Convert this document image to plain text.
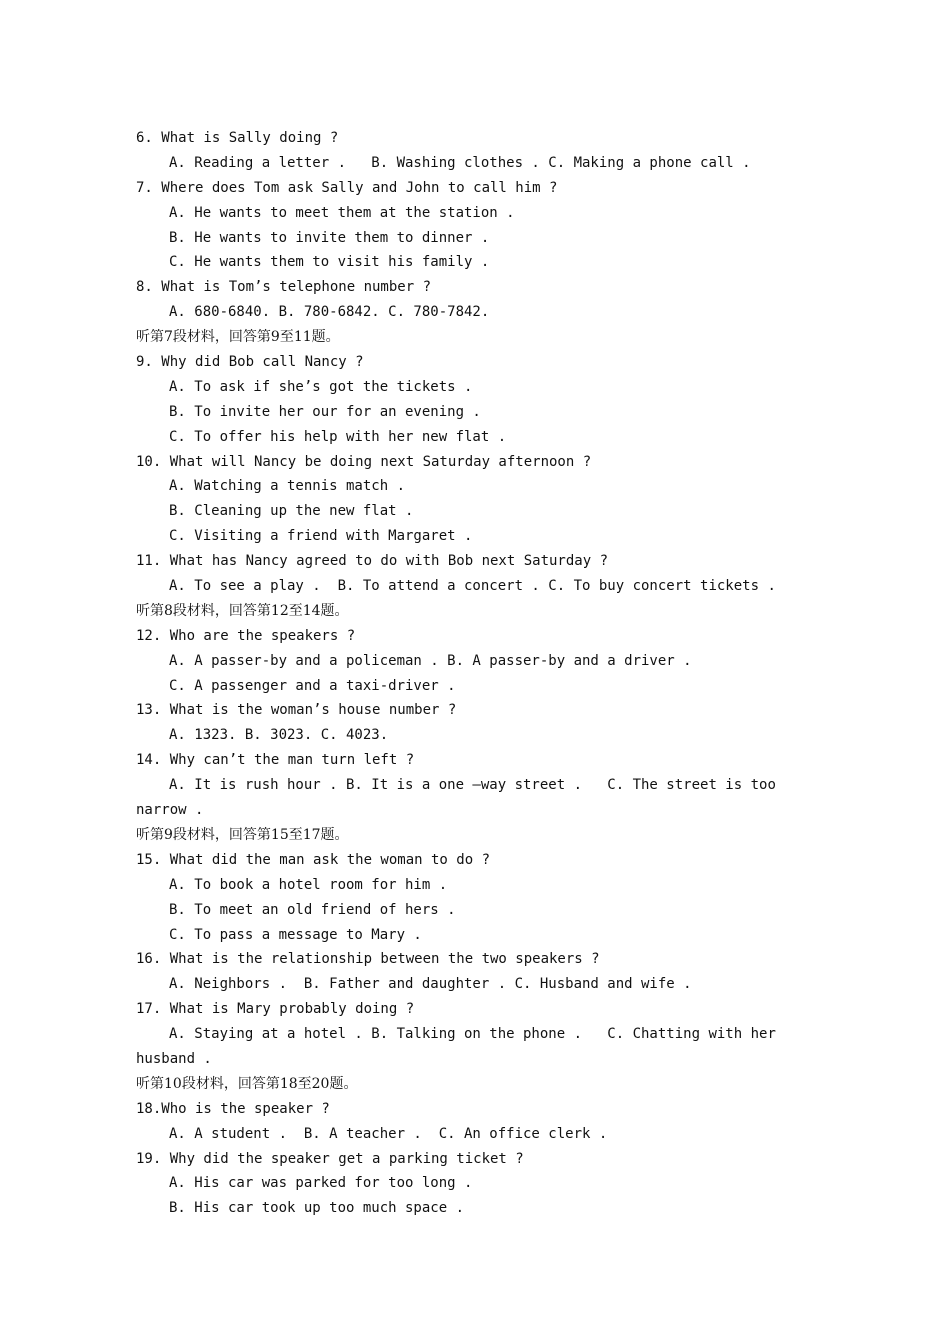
6. What is Sally doing ?
A. Reading a letter .   B. Washing clothes . C. Making a phone call .
7. Where does Tom ask Sally and John to call him ?
A. He wants to meet them at the station .
B. He wants to invite them to dinner .
C. He wants them to visit his family .
8. What is Tom’s telephone number ?
A. 680-6840. B. 780-6842. C. 780-7842.
听第7段材料，回答第9至11题。
9. Why did Bob call Nancy ?
A. To ask if she’s got the tickets .
B. To invite her our for an evening .
C. To offer his help with her new flat .
10. What will Nancy be doing next Saturday afternoon ?
A. Watching a tennis match .
B. Cleaning up the new flat .
C. Visiting a friend with Margaret .
11. What has Nancy agreed to do with Bob next Saturday ?
A. To see a play .  B. To attend a concert . C. To buy concert tickets .
听第8段材料，回答第12至14题。
12. Who are the speakers ?
A. A passer-by and a policeman . B. A passer-by and a driver .
C. A passenger and a taxi-driver .
13. What is the woman’s house number ?
A. 1323. B. 3023. C. 4023.
14. Why can’t the man turn left ?
A. It is rush hour . B. It is a one –way street .   C. The street is too
narrow .
听第9段材料，回答第15至17题。
15. What did the man ask the woman to do ?
A. To book a hotel room for him .
B. To meet an old friend of hers .
C. To pass a message to Mary .
16. What is the relationship between the two speakers ?
A. Neighbors .  B. Father and daughter . C. Husband and wife .
17. What is Mary probably doing ?
A. Staying at a hotel . B. Talking on the phone .   C. Chatting with her
husband .
听第10段材料，回答第18至20题。
18.Who is the speaker ?
A. A student .  B. A teacher .  C. An office clerk .
19. Why did the speaker get a parking ticket ?
A. His car was parked for too long .
B. His car took up too much space .
